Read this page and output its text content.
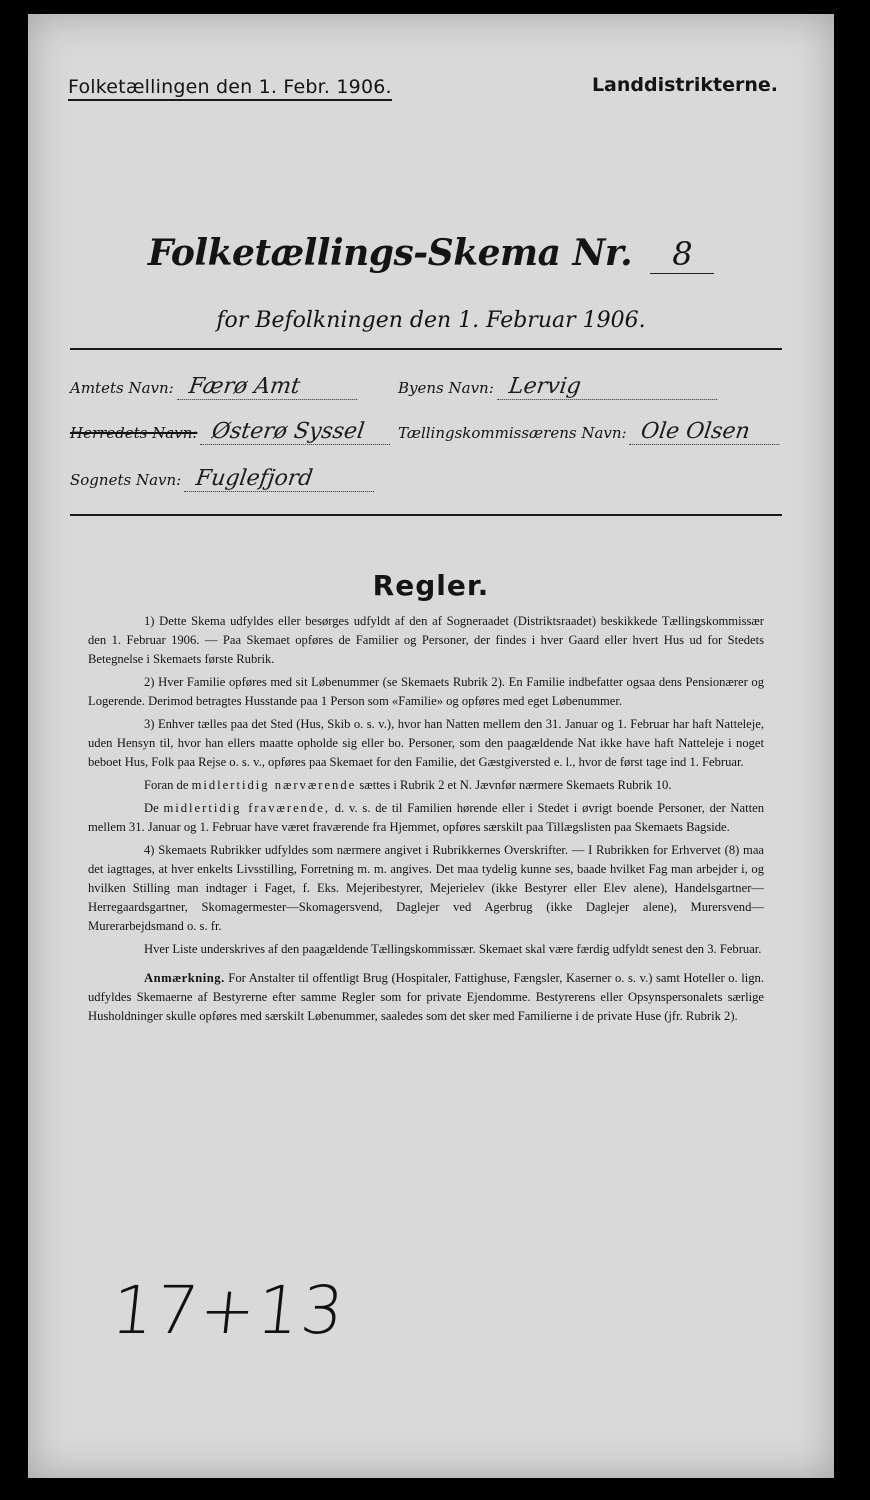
Folketællingen den 1. Febr. 1906.	Landdistrikterne.
Folketællings-Skema Nr. 8
for Befolkningen den 1. Februar 1906.
Amtets Navn: Færø Amt	Byens Navn: Lervig
Herredets Navn: Østerø Syssel	Tællingskommissærens Navn: Ole Olsen
Sognets Navn: Fuglefjord
Regler.

1) Dette Skema udfyldes eller besørges udfyldt af den af Sogneraadet (Distriktsraadet) beskikkede Tællingskommissær den 1. Februar 1906. — Paa Skemaet opføres de Familier og Personer, der findes i hver Gaard eller hvert Hus ud for Stedets Betegnelse i Skemaets første Rubrik.

2) Hver Familie opføres med sit Løbenummer (se Skemaets Rubrik 2). En Familie indbefatter ogsaa dens Pensionærer og Logerende. Derimod betragtes Husstande paa 1 Person som «Familie» og opføres med eget Løbenummer.

3) Enhver tælles paa det Sted (Hus, Skib o. s. v.), hvor han Natten mellem den 31. Januar og 1. Februar har haft Natteleje, uden Hensyn til, hvor han ellers maatte opholde sig eller bo. Personer, som den paagældende Nat ikke have haft Natteleje i noget beboet Hus, Folk paa Rejse o. s. v., opføres paa Skemaet for den Familie, det Gæstgiversted e. l., hvor de først tage ind 1. Februar.

Foran de midlertidig nærværende sættes i Rubrik 2 et N. Jævnfør nærmere Skemaets Rubrik 10.

De midlertidig fraværende, d. v. s. de til Familien hørende eller i Stedet i øvrigt boende Personer, der Natten mellem 31. Januar og 1. Februar have været fraværende fra Hjemmet, opføres særskilt paa Tillægslisten paa Skemaets Bagside.

4) Skemaets Rubrikker udfyldes som nærmere angivet i Rubrikkernes Overskrifter. — I Rubrikken for Erhvervet (8) maa det iagttages, at hver enkelts Livsstilling, Forretning m. m. angives. Det maa tydelig kunne ses, baade hvilket Fag man arbejder i, og hvilken Stilling man indtager i Faget, f. Eks. Mejeribestyrer, Mejerielev (ikke Bestyrer eller Elev alene), Handelsgartner—Herregaardsgartner, Skomagermester—Skomagersvend, Daglejer ved Agerbrug (ikke Daglejer alene), Murersvend—Murerarbejdsmand o. s. fr.

Hver Liste underskrives af den paagældende Tællingskommissær. Skemaet skal være færdig udfyldt senest den 3. Februar.

Anmærkning. For Anstalter til offentligt Brug (Hospitaler, Fattighuse, Fængsler, Kaserner o. s. v.) samt Hoteller o. lign. udfyldes Skemaerne af Bestyrerne efter samme Regler som for private Ejendomme. Bestyrerens eller Opsynspersonalets særlige Husholdninger skulle opføres med særskilt Løbenummer, saaledes som det sker med Familierne i de private Huse (jfr. Rubrik 2).

17+13
